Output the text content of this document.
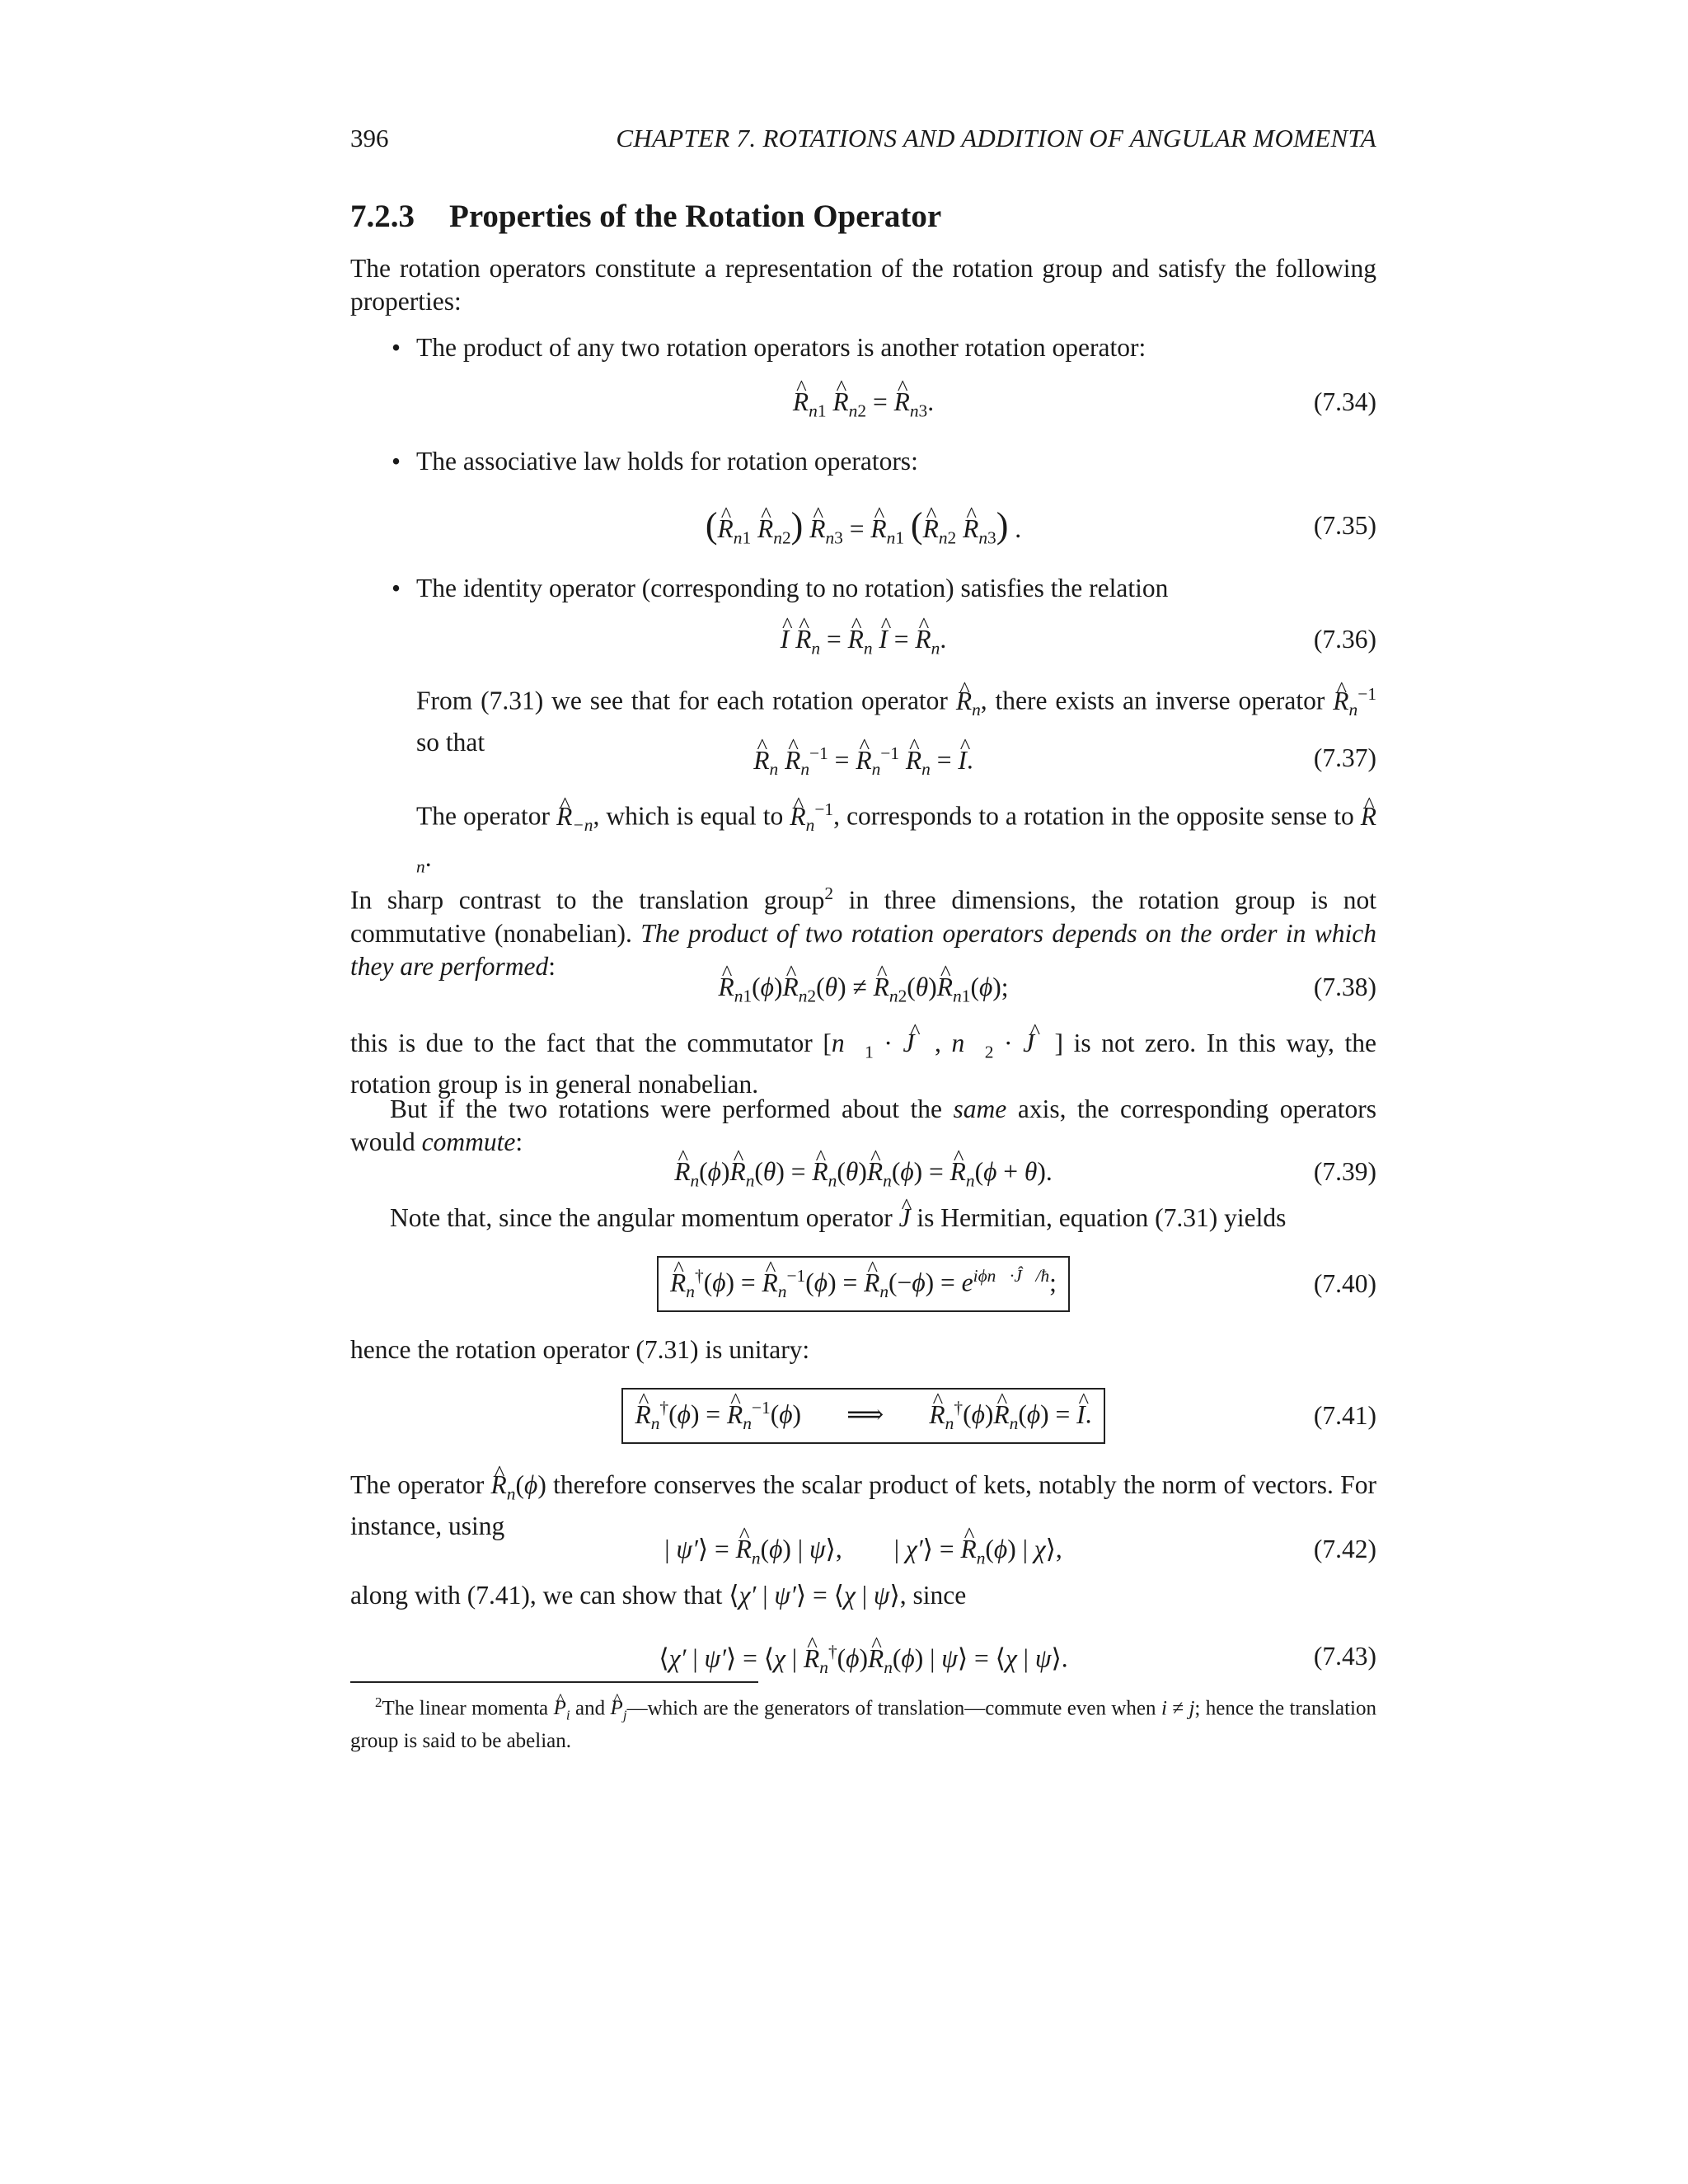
396	CHAPTER 7. ROTATIONS AND ADDITION OF ANGULAR MOMENTA
7.2.3 Properties of the Rotation Operator
The rotation operators constitute a representation of the rotation group and satisfy the following properties:
• The product of any two rotation operators is another rotation operator:
^ $R_{n1}$ ^ $R_{n2}$ = ^ $R_{n3}$.	(7.34)
• The associative law holds for rotation operators:
(^ $R_{n1}$ ^ $R_{n2}$) ^ $R_{n3}$ = ^ $R_{n1}$ (^ $R_{n2}$ ^ $R_{n3}$) .	(7.35)
• The identity operator (corresponding to no rotation) satisfies the relation
^ I ^ $R_n$ = ^ $R_n$ ^ I = ^ $R_n$.	(7.36)
From (7.31) we see that for each rotation operator ^ $R_n$, there exists an inverse operator ^ $R_n^{-1}$ so that
^ $R_n$ ^ $R_n^{-1}$ = ^ $R_n^{-1}$ ^ $R_n$ = ^ I.	(7.37)
The operator ^ $R_{-n}$, which is equal to ^ $R_n^{-1}$, corresponds to a rotation in the opposite sense to ^ $R_n$.
In sharp contrast to the translation group$^2$ in three dimensions, the rotation group is not commutative (nonabelian). The product of two rotation operators depends on the order in which they are performed:
^ $R_{n1}(\phi)\^{}$ $R_{n2}(\theta)$ ≠ ^ $R_{n2}(\theta)\^{}$ $R_{n1}(\phi)$;	(7.38)
this is due to the fact that the commutator [$n⃗_1$ · ^ J⃗, $n⃗_2$ · ^ J⃗] is not zero. In this way, the rotation group is in general nonabelian.
But if the two rotations were performed about the same axis, the corresponding operators would commute:
^ $R_n(\phi)\^{}$ $R_n(\theta)$ = ^ $R_n(\theta)\^{}$ $R_n(\phi)$ = ^ $R_n(\phi + \theta)$.	(7.39)
Note that, since the angular momentum operator ^ J is Hermitian, equation (7.31) yields
^ $R_n^\dagger(\phi)$ = ^ $R_n^{-1}(\phi)$ = ^ $R_n(-\phi) = e^{i\phi n⃗\cdot Ĵ⃗/ħ}$;	(7.40)
hence the rotation operator (7.31) is unitary:
^ $R_n^\dagger(\phi)$ = ^ $R_n^{-1}(\phi)$       ⟹       ^ $R_n^\dagger(\phi)\^{}$ $R_n(\phi)$ = ^ I.	(7.41)
The operator ^ $R_n(\phi)$ therefore conserves the scalar product of kets, notably the norm of vectors. For instance, using
| ψ′⟩ = ^ $R_n(\phi)$ | ψ⟩,        | χ′⟩ = ^ $R_n(\phi)$ | χ⟩,	(7.42)
along with (7.41), we can show that ⟨χ′ | ψ′⟩ = ⟨χ | ψ⟩, since
⟨χ′ | ψ′⟩ = ⟨χ | ^ $R_n^\dagger(\phi)\^{}$ $R_n(\phi)$ | ψ⟩ = ⟨χ | ψ⟩.	(7.43)
$^2$The linear momenta ^ $P_i$ and ^ $P_j—which$ are the generators of translation—commute even when i ≠ j; hence the translation group is said to be abelian.
